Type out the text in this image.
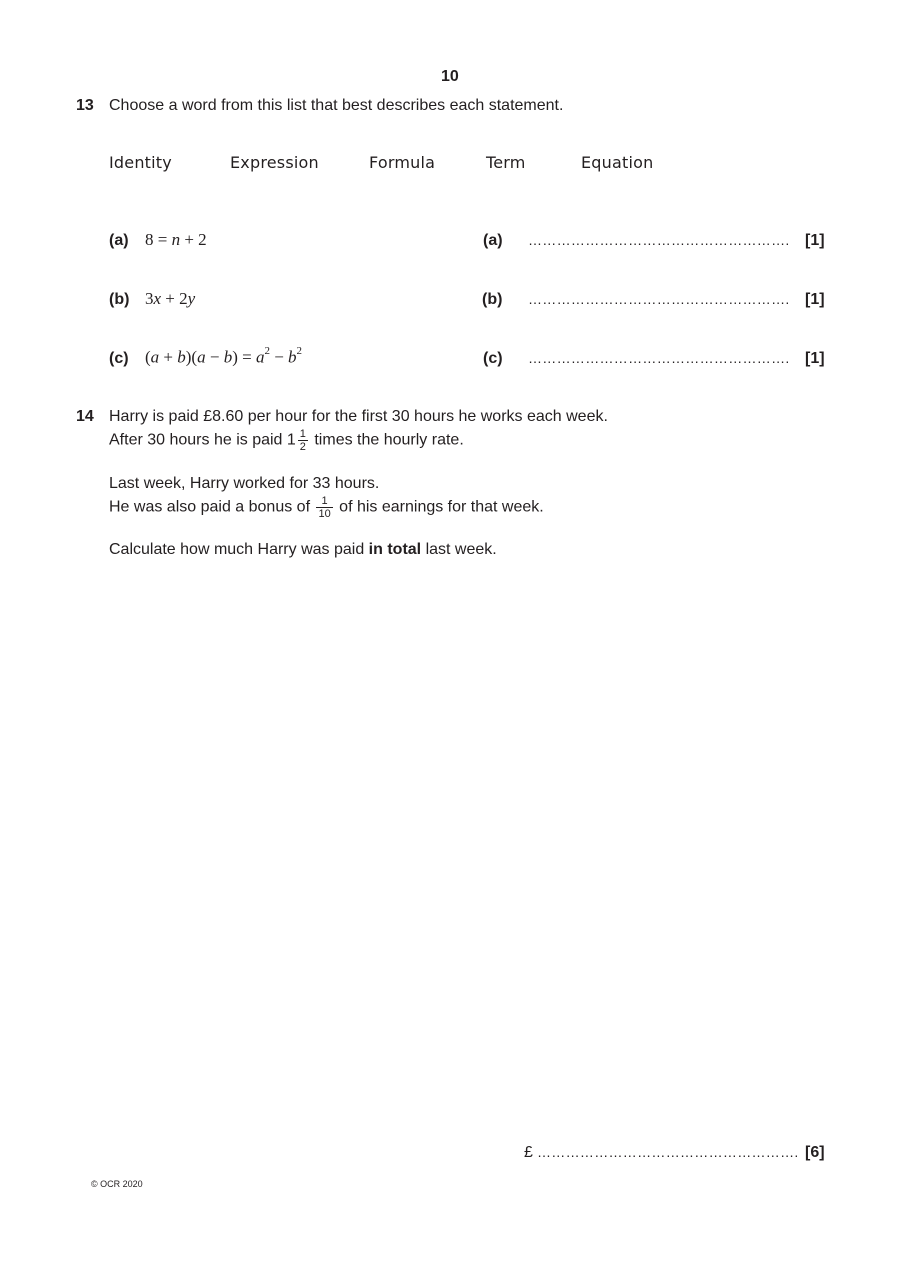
10
13 Choose a word from this list that best describes each statement.
Identity	Expression	Formula	Term	Equation
(a) 8 = n + 2	(a) ………………………………………………. [1]
(b) 3x + 2y	(b) ………………………………………………. [1]
(c) $(a + b)(a - b) = a^2 - b^2$	(c) ………………………………………………. [1]
14 Harry is paid £8.60 per hour for the first 30 hours he works each week.
After 30 hours he is paid $1 \frac{1}{2}$ times the hourly rate.
Last week, Harry worked for 33 hours.
He was also paid a bonus of $\frac{1}{10}$ of his earnings for that week.
Calculate how much Harry was paid in total last week.
£ ………………………………………………. [6]
© OCR 2020
